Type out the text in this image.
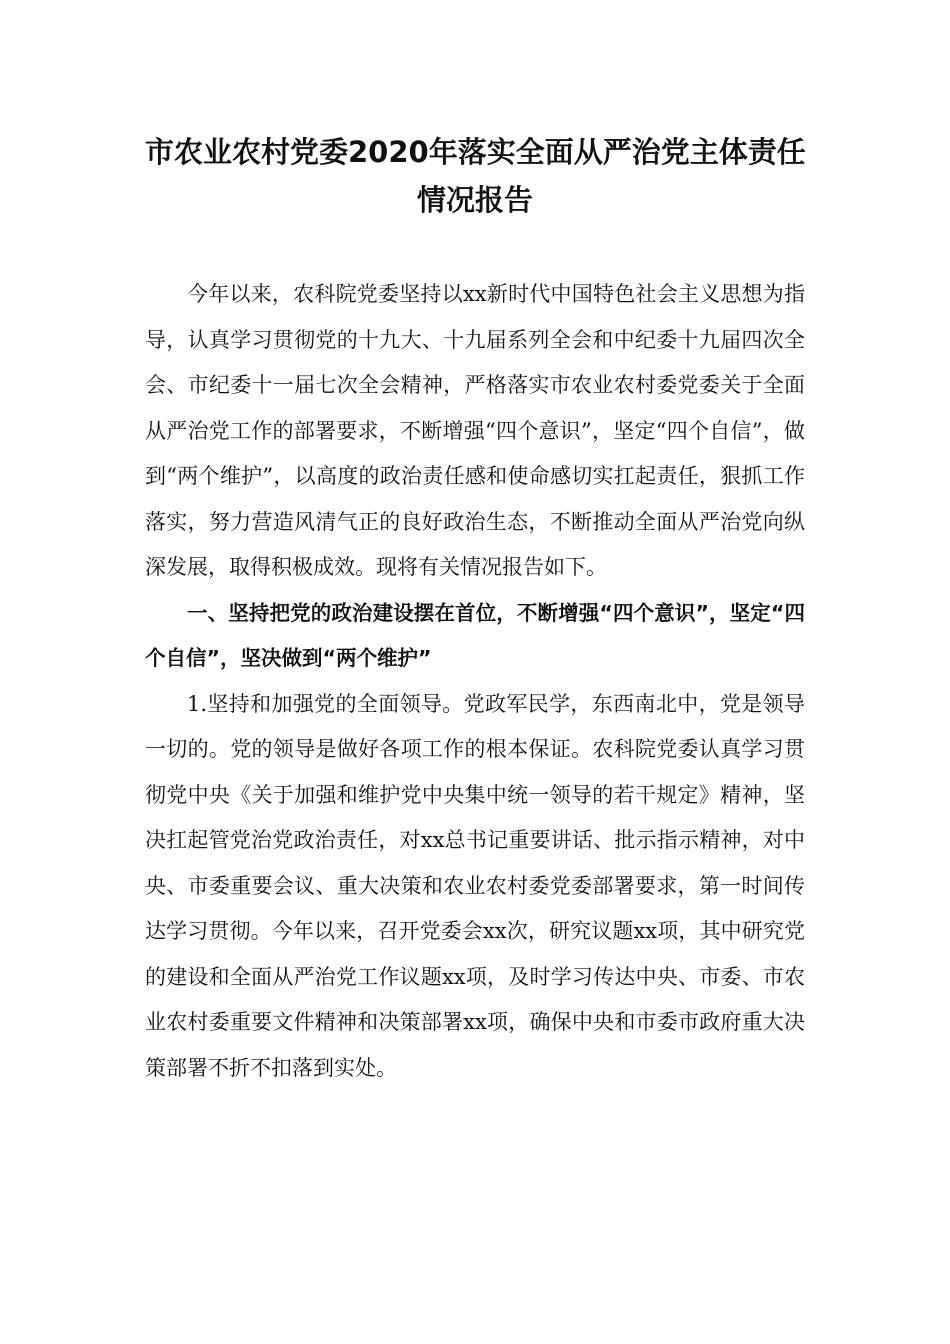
市农业农村党委2020年落实全面从严治党主体责任
情况报告

今年以来，农科院党委坚持以xx新时代中国特色社会主义思想为指导，认真学习贯彻党的十九大、十九届系列全会和中纪委十九届四次全会、市纪委十一届七次全会精神，严格落实市农业农村委党委关于全面从严治党工作的部署要求，不断增强“四个意识”，坚定“四个自信”，做到“两个维护”，以高度的政治责任感和使命感切实扛起责任，狠抓工作落实，努力营造风清气正的良好政治生态，不断推动全面从严治党向纵深发展，取得积极成效。现将有关情况报告如下。

一、坚持把党的政治建设摆在首位，不断增强“四个意识”，坚定“四个自信”，坚决做到“两个维护”

1.坚持和加强党的全面领导。党政军民学，东西南北中，党是领导一切的。党的领导是做好各项工作的根本保证。农科院党委认真学习贯彻党中央《关于加强和维护党中央集中统一领导的若干规定》精神，坚决扛起管党治党政治责任，对xx总书记重要讲话、批示指示精神，对中央、市委重要会议、重大决策和农业农村委党委部署要求，第一时间传达学习贯彻。今年以来，召开党委会xx次，研究议题xx项，其中研究党的建设和全面从严治党工作议题xx项，及时学习传达中央、市委、市农业农村委重要文件精神和决策部署xx项，确保中央和市委市政府重大决策部署不折不扣落到实处。
